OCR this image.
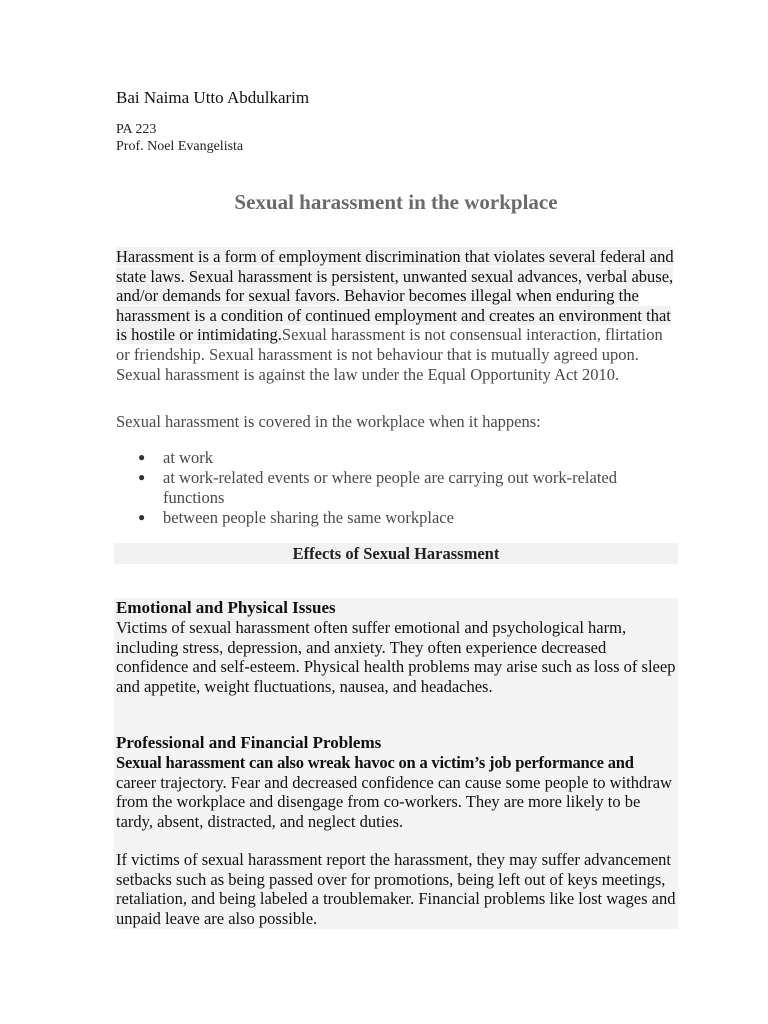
Bai Naima Utto Abdulkarim

PA 223
Prof. Noel Evangelista
Sexual harassment in the workplace
Harassment is a form of employment discrimination that violates several federal and state laws. Sexual harassment is persistent, unwanted sexual advances, verbal abuse, and/or demands for sexual favors. Behavior becomes illegal when enduring the harassment is a condition of continued employment and creates an environment that is hostile or intimidating.Sexual harassment is not consensual interaction, flirtation or friendship. Sexual harassment is not behaviour that is mutually agreed upon. Sexual harassment is against the law under the Equal Opportunity Act 2010.

Sexual harassment is covered in the workplace when it happens:

● at work
● at work-related events or where people are carrying out work-related functions
● between people sharing the same workplace
Effects of Sexual Harassment
Emotional and Physical Issues

Victims of sexual harassment often suffer emotional and psychological harm, including stress, depression, and anxiety. They often experience decreased confidence and self-esteem. Physical health problems may arise such as loss of sleep and appetite, weight fluctuations, nausea, and headaches.

Professional and Financial Problems

Sexual harassment can also wreak havoc on a victim’s job performance and career trajectory. Fear and decreased confidence can cause some people to withdraw from the workplace and disengage from co-workers. They are more likely to be tardy, absent, distracted, and neglect duties.

If victims of sexual harassment report the harassment, they may suffer advancement setbacks such as being passed over for promotions, being left out of keys meetings, retaliation, and being labeled a troublemaker. Financial problems like lost wages and unpaid leave are also possible.
